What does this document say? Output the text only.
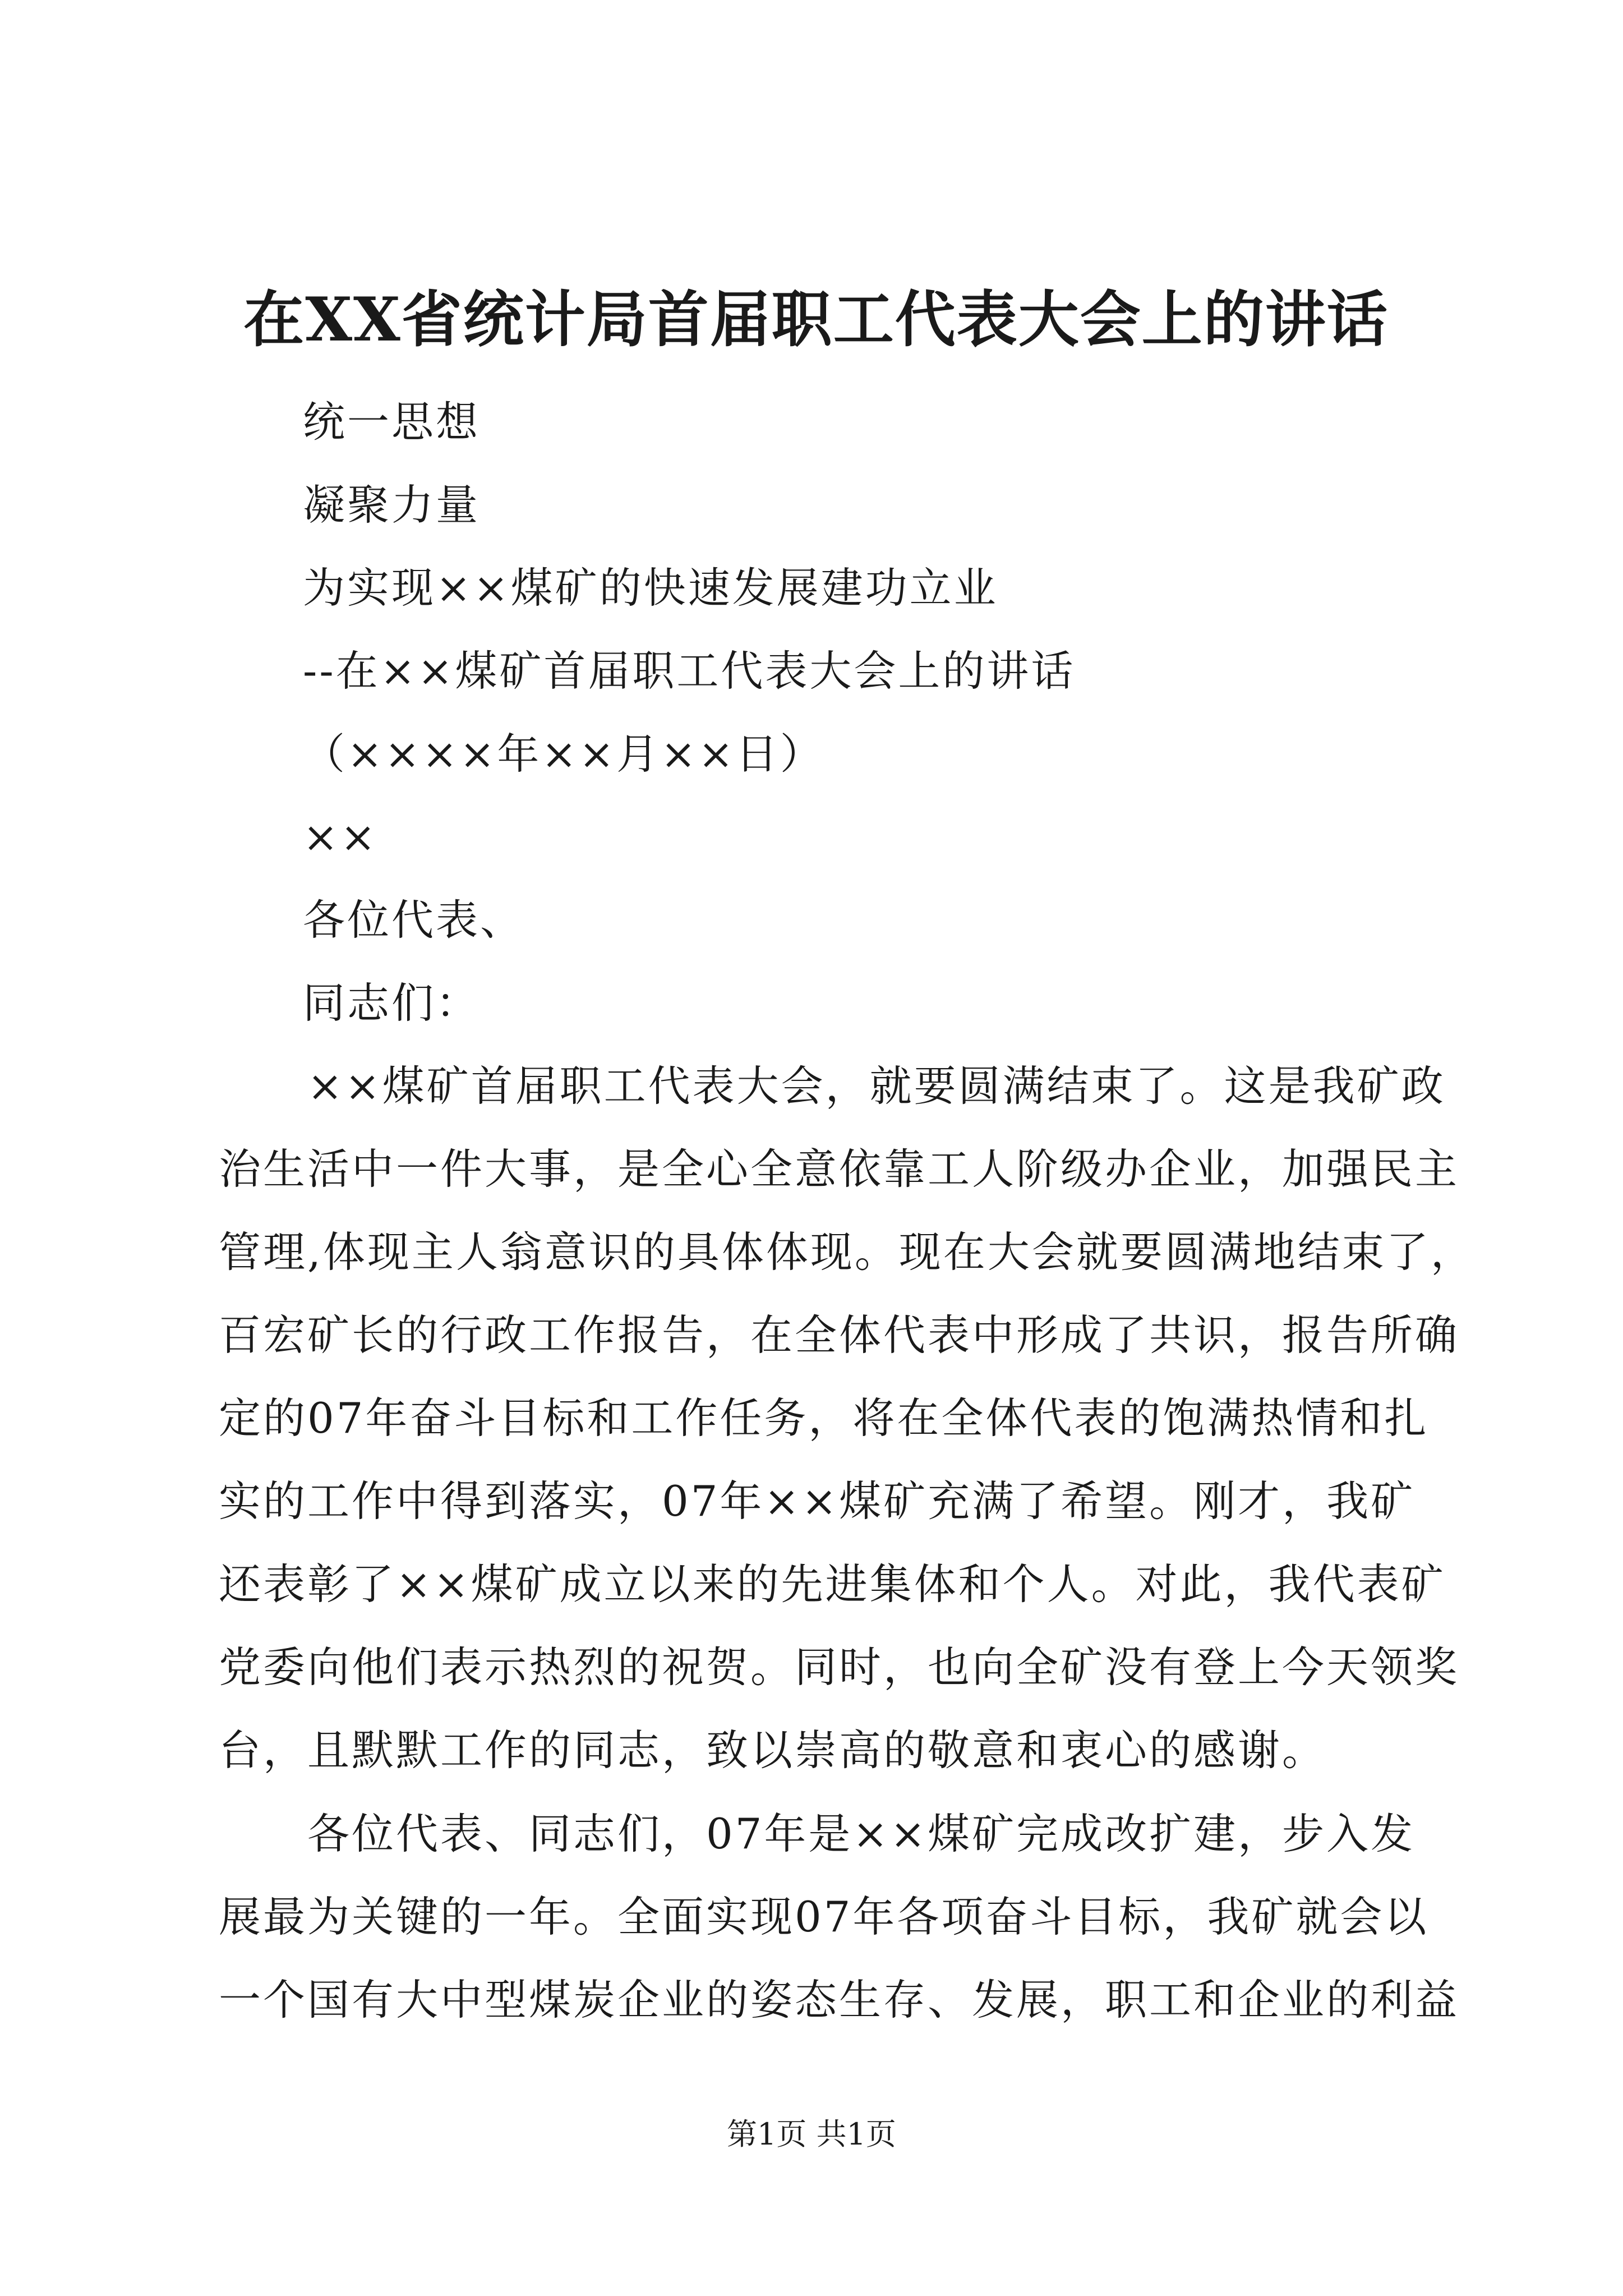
在XX省统计局首届职工代表大会上的讲话
统一思想
凝聚力量
为实现××煤矿的快速发展建功立业
--在××煤矿首届职工代表大会上的讲话
（××××年××月××日）
××
各位代表、
同志们：
　　××煤矿首届职工代表大会，就要圆满结束了。这是我矿政
治生活中一件大事，是全心全意依靠工人阶级办企业，加强民主
管理,体现主人翁意识的具体体现。现在大会就要圆满地结束了，
百宏矿长的行政工作报告，在全体代表中形成了共识，报告所确
定的07年奋斗目标和工作任务，将在全体代表的饱满热情和扎
实的工作中得到落实，07年××煤矿充满了希望。刚才，我矿
还表彰了××煤矿成立以来的先进集体和个人。对此，我代表矿
党委向他们表示热烈的祝贺。同时，也向全矿没有登上今天领奖
台，且默默工作的同志，致以崇高的敬意和衷心的感谢。
　　各位代表、同志们，07年是××煤矿完成改扩建，步入发
展最为关键的一年。全面实现07年各项奋斗目标，我矿就会以
一个国有大中型煤炭企业的姿态生存、发展，职工和企业的利益
第1页 共1页
